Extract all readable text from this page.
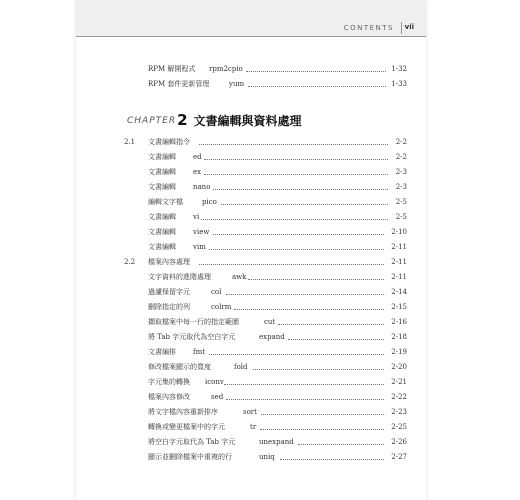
CONTENTS vii
RPM 解開程式 rpm2cpio	1-32
RPM 套件更新管理	yum	1-33
CHAPTER2 文書編輯與資料處理
2.1 文書編輯指令	2-2
文書編輯 ed	2-2
文書編輯 ex	2-3
文書編輯 nano	2-3
編輯文字檔	pico	2-5
文書編輯 vi	2-5
文書編輯 view	2-10
文書編輯 vim	2-11
2.2 檔案內容處理	2-11
文字資料的進階處理	awk	2-11
過濾保留字元	col	2-14
刪除指定的列	colrm	2-15
擷取檔案中每一行的指定範圍	cut	2-16
將 Tab 字元取代為空白字元	expand	2-18
文書編排 fmt	2-19
修改檔案顯示的寬度	fold	2-20
字元集的轉換 iconv	2-21
檔案內容修改	sed	2-22
將文字檔內容重新排序	sort	2-23
轉換或變更檔案中的字元	tr	2-25
將空白字元取代為 Tab 字元	unexpand	2-26
顯示並刪除檔案中重複的行	uniq	2-27
